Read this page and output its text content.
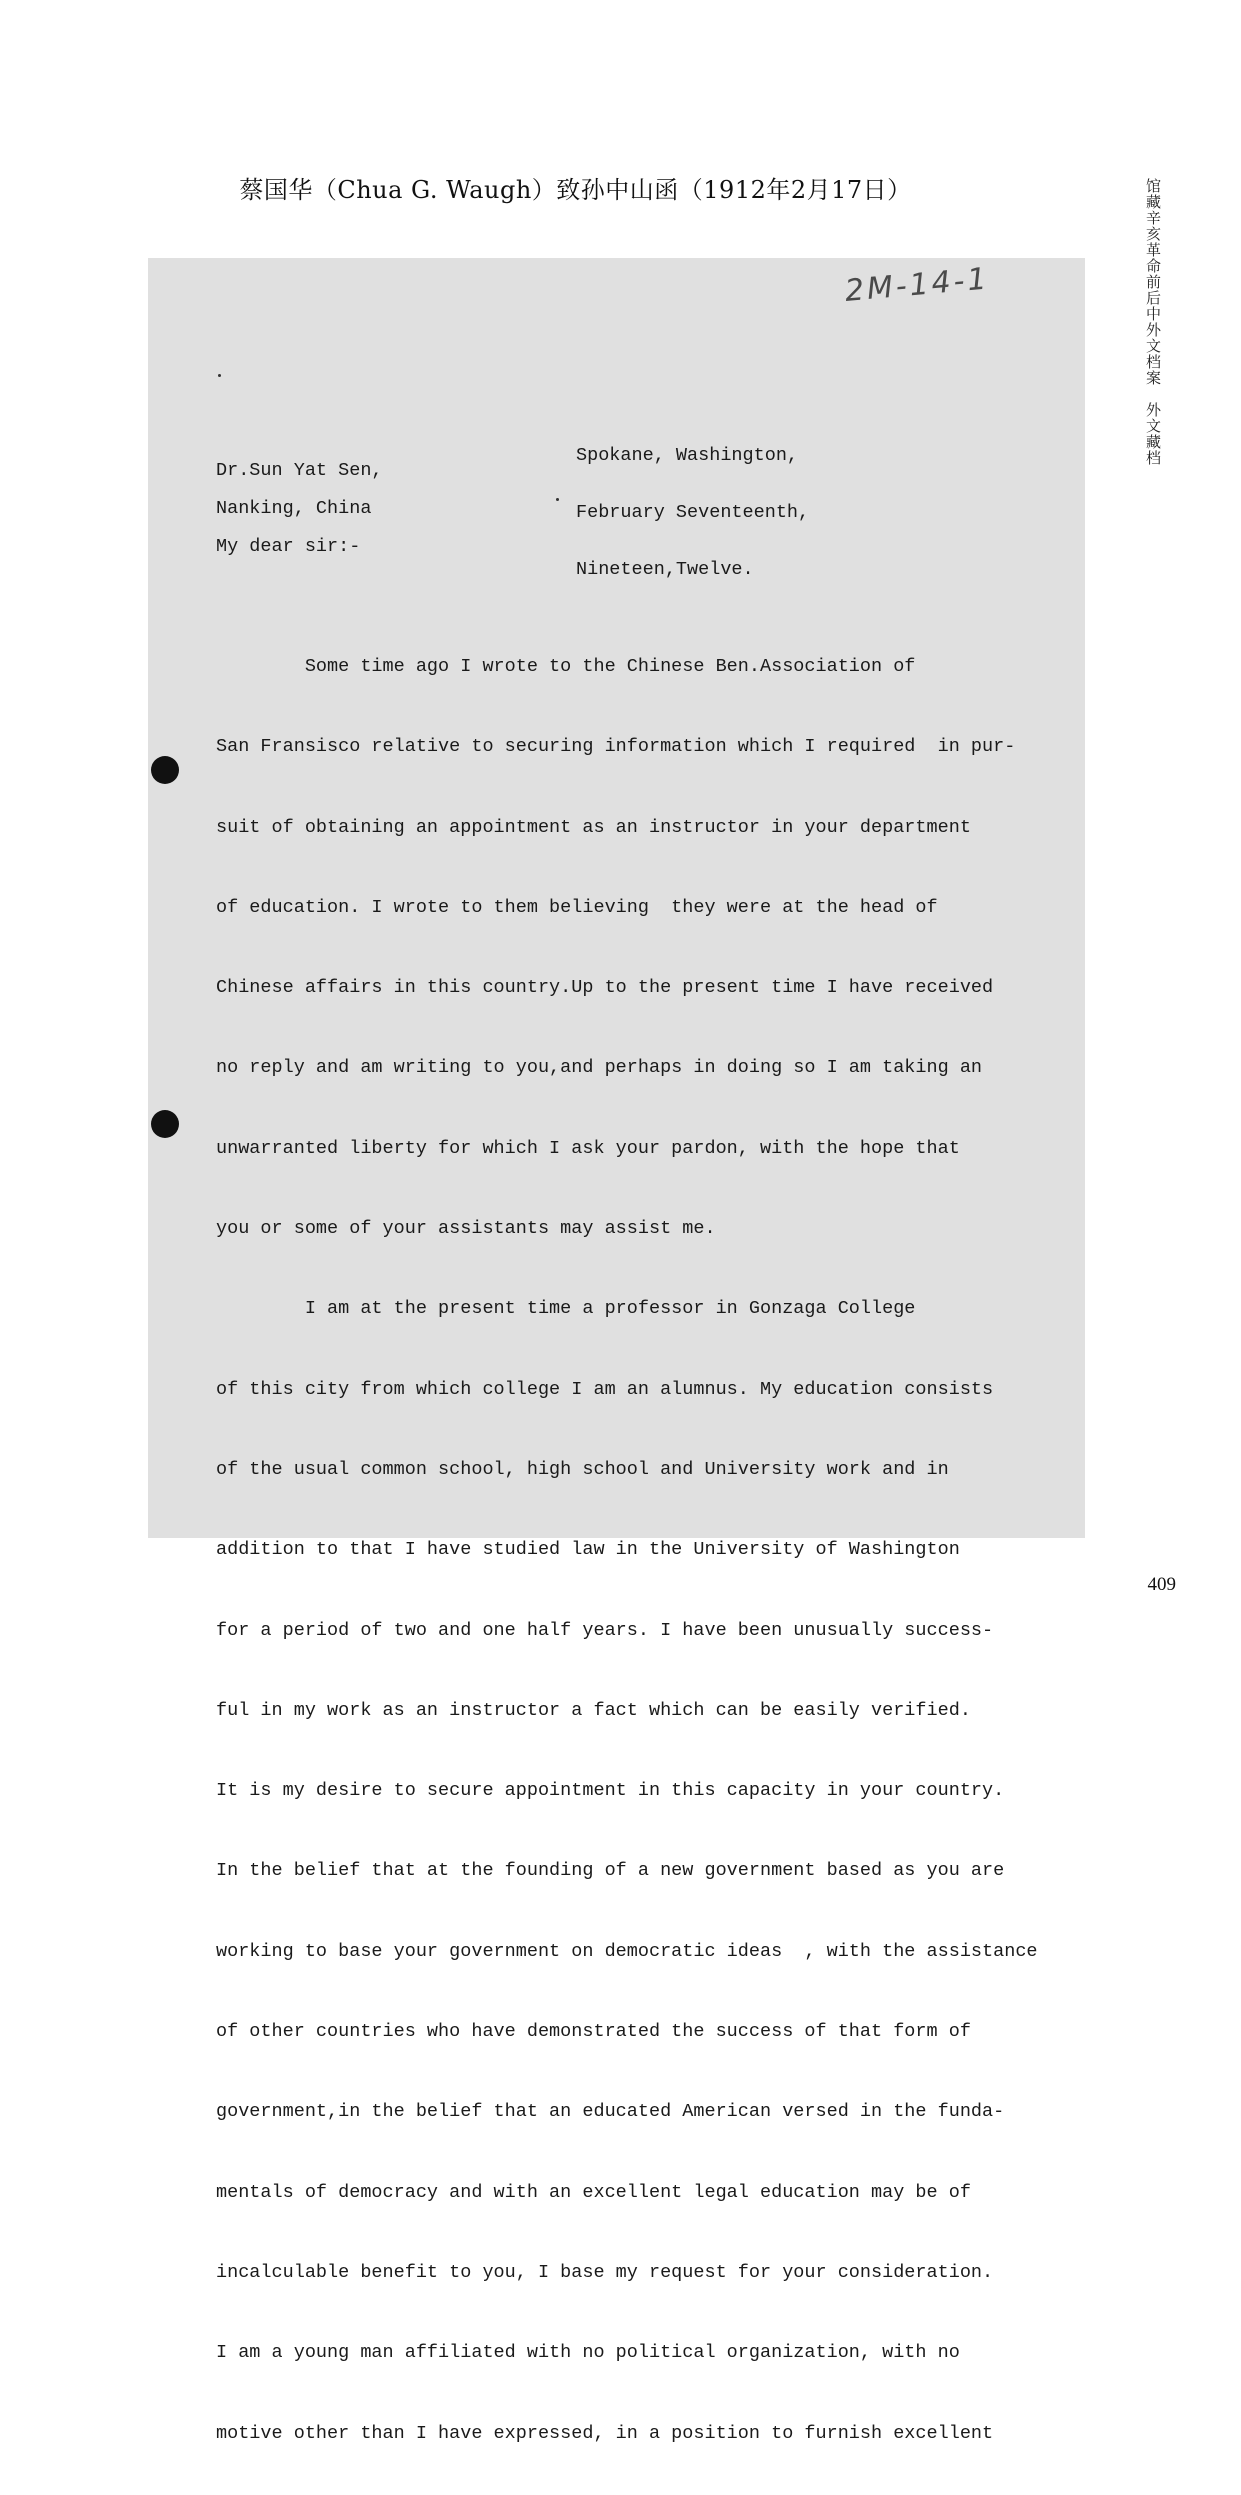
蔡国华（Chua G. Waugh）致孙中山函（1912年2月17日）	馆藏辛亥革命前后中外文档案　外文藏档
2M-14-1

Spokane, Washington,

February Seventeenth,

Nineteen,Twelve.

Dr.Sun Yat Sen,
Nanking, China
My dear sir:-

Some time ago I wrote to the Chinese Ben.Association of

San Fransisco relative to securing information which I required  in pur-

suit of obtaining an appointment as an instructor in your department

of education. I wrote to them believing  they were at the head of

Chinese affairs in this country.Up to the present time I have received

no reply and am writing to you,and perhaps in doing so I am taking an

unwarranted liberty for which I ask your pardon, with the hope that

you or some of your assistants may assist me.

I am at the present time a professor in Gonzaga College

of this city from which college I am an alumnus. My education consists

of the usual common school, high school and University work and in

addition to that I have studied law in the University of Washington

for a period of two and one half years. I have been unusually success-

ful in my work as an instructor a fact which can be easily verified.

It is my desire to secure appointment in this capacity in your country.

In the belief that at the founding of a new government based as you are

working to base your government on democratic ideas  , with the assistance

of other countries who have demonstrated the success of that form of

government,in the belief that an educated American versed in the funda-

mentals of democracy and with an excellent legal education may be of

incalculable benefit to you, I base my request for your consideration.

I am a young man affiliated with no political organization, with no

motive other than I have expressed, in a position to furnish excellent

409
